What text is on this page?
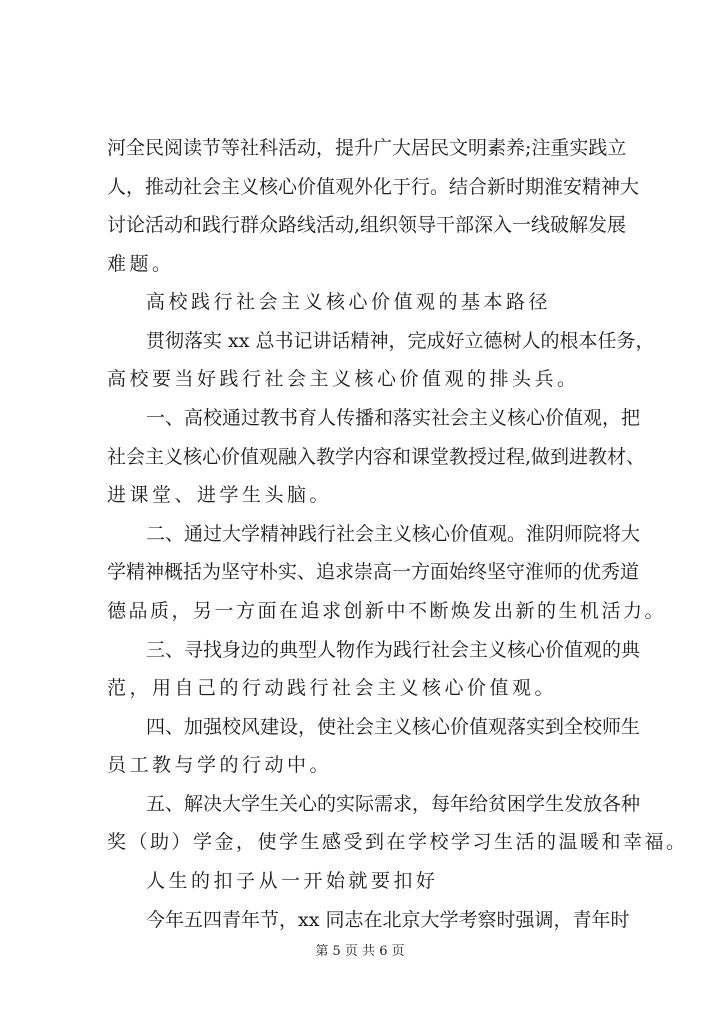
河全民阅读节等社科活动，提升广大居民文明素养;注重实践立
人，推动社会主义核心价值观外化于行。结合新时期淮安精神大
讨论活动和践行群众路线活动,组织领导干部深入一线破解发展
难题。
高校践行社会主义核心价值观的基本路径
贯彻落实 xx 总书记讲话精神，完成好立德树人的根本任务，
高校要当好践行社会主义核心价值观的排头兵。
一、高校通过教书育人传播和落实社会主义核心价值观，把
社会主义核心价值观融入教学内容和课堂教授过程,做到进教材、
进课堂、进学生头脑。
二、通过大学精神践行社会主义核心价值观。淮阴师院将大
学精神概括为坚守朴实、追求崇高一方面始终坚守淮师的优秀道
德品质，另一方面在追求创新中不断焕发出新的生机活力。
三、寻找身边的典型人物作为践行社会主义核心价值观的典
范，用自己的行动践行社会主义核心价值观。
四、加强校风建设，使社会主义核心价值观落实到全校师生
员工教与学的行动中。
五、解决大学生关心的实际需求，每年给贫困学生发放各种
奖（助）学金，使学生感受到在学校学习生活的温暖和幸福。
人生的扣子从一开始就要扣好
今年五四青年节，xx 同志在北京大学考察时强调，青年时
第 5 页 共 6 页
